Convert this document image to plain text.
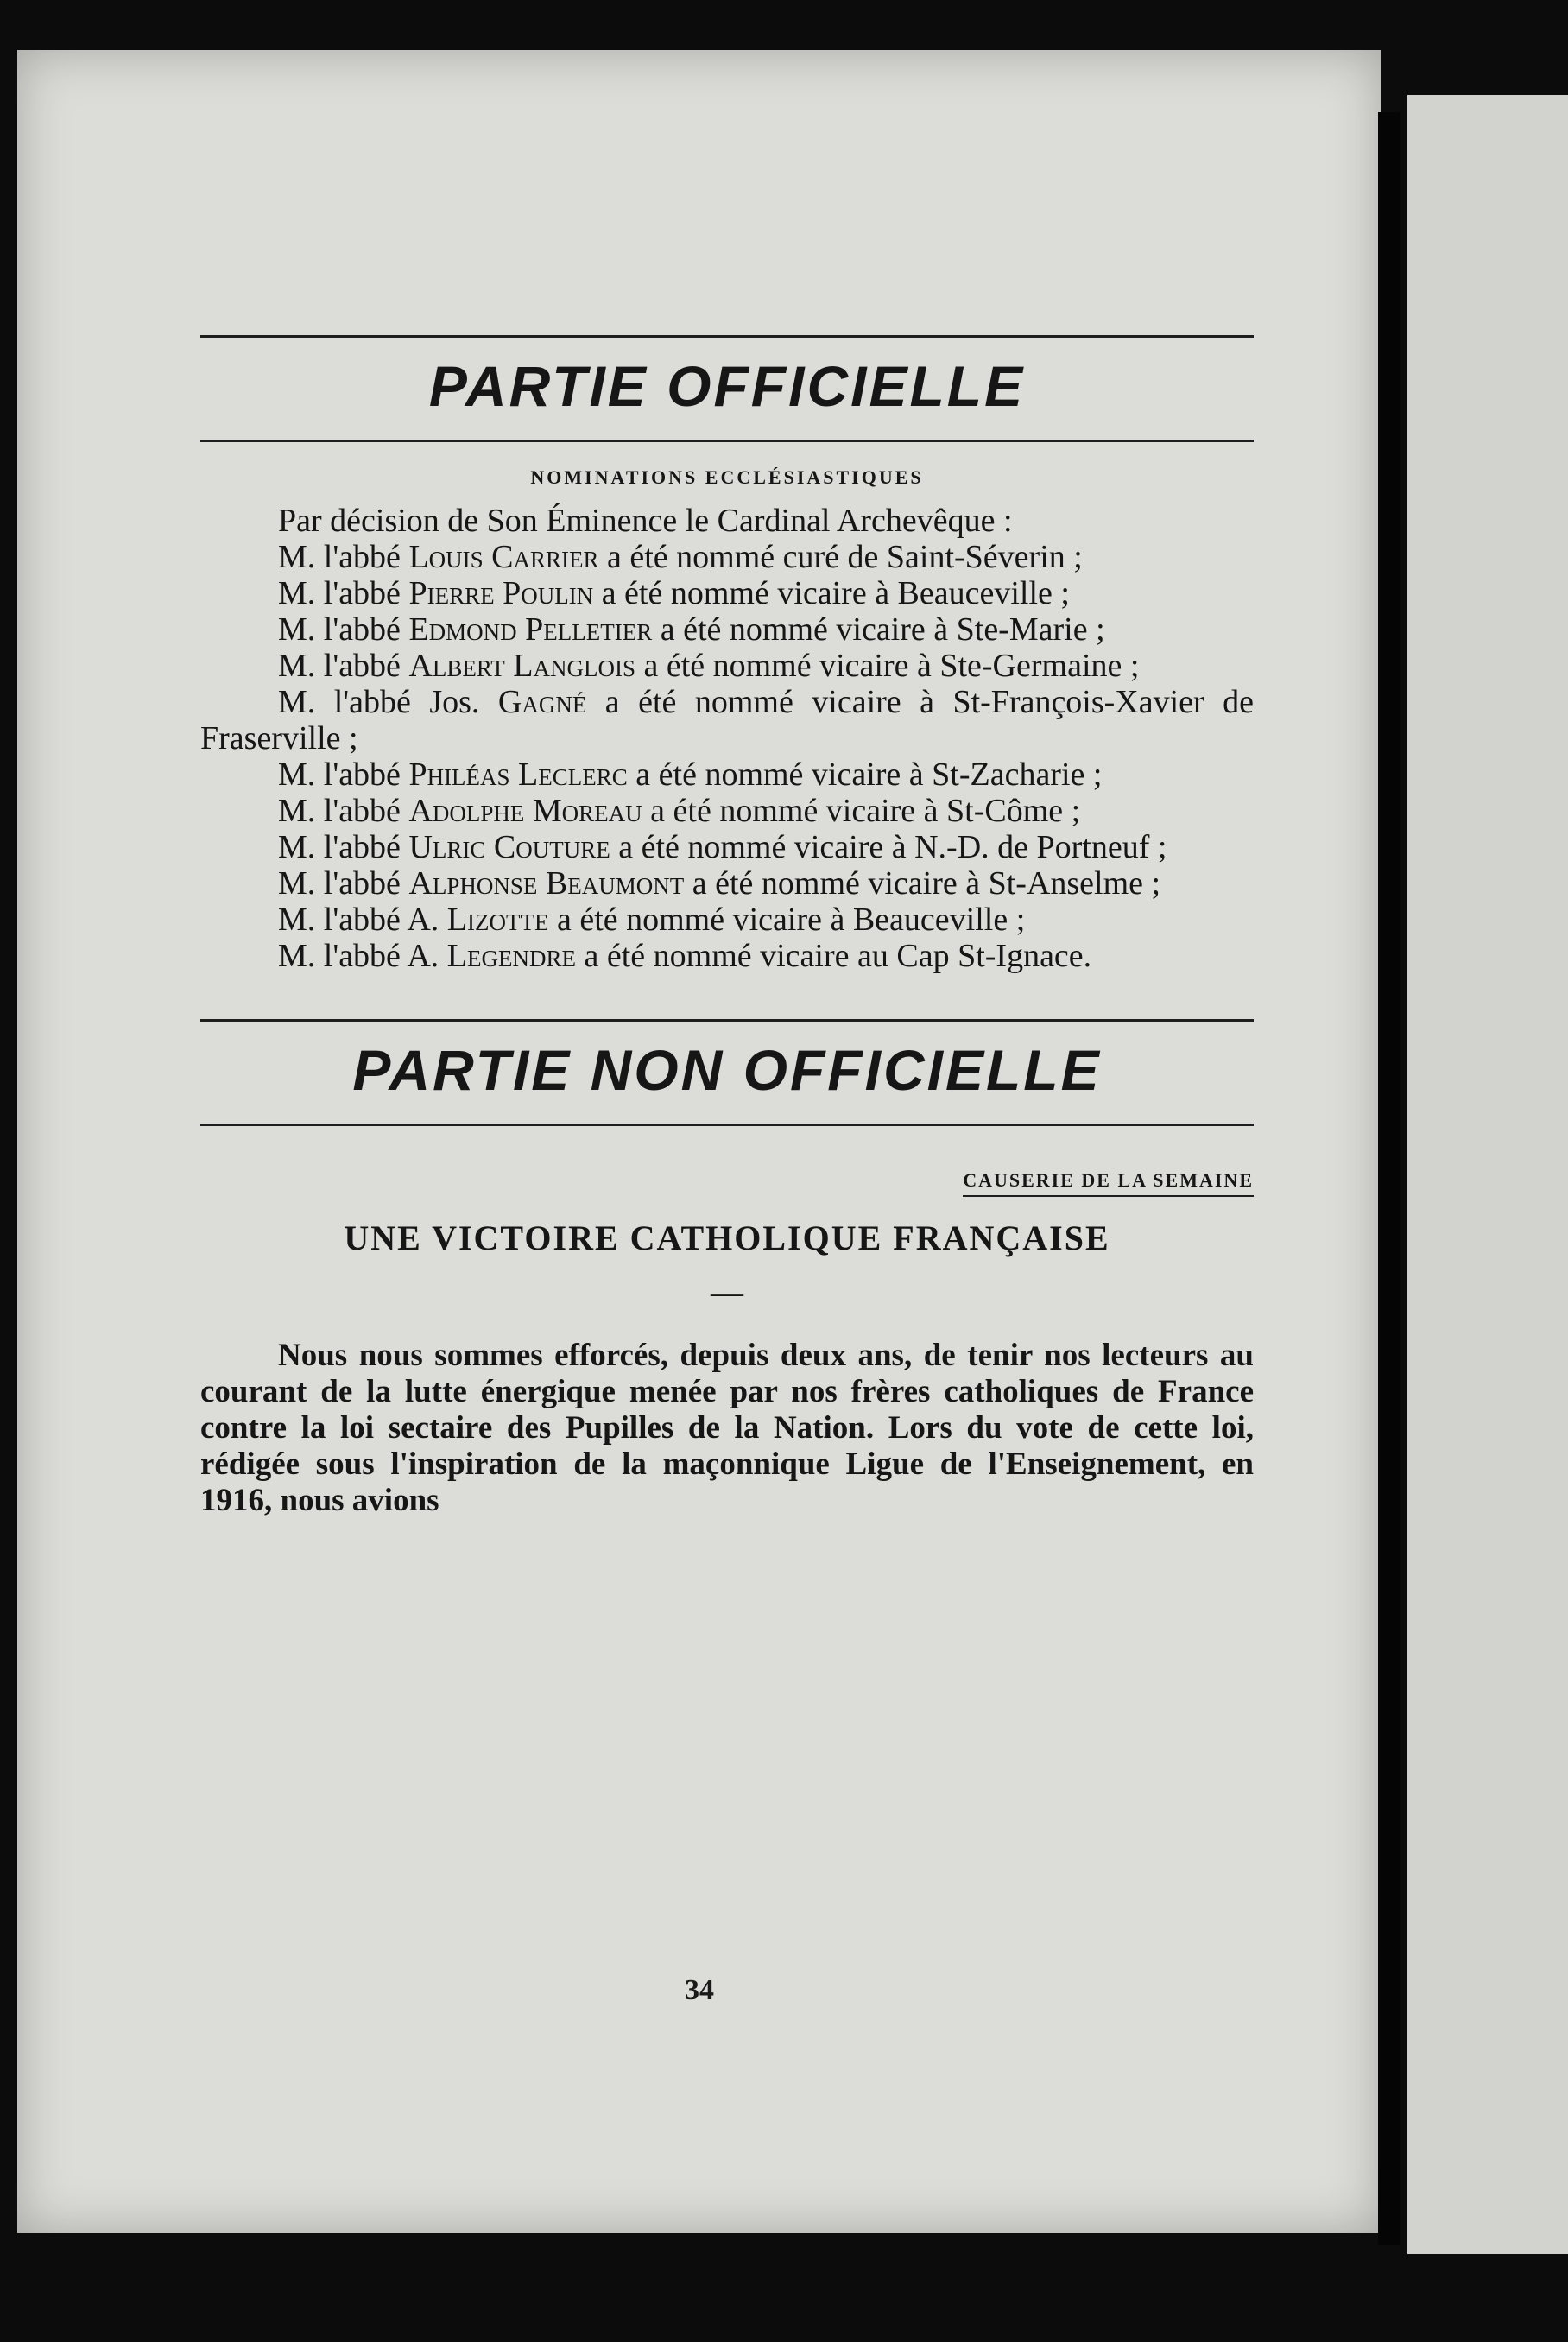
PARTIE OFFICIELLE
NOMINATIONS ECCLÉSIASTIQUES

Par décision de Son Éminence le Cardinal Archevêque :

M. l'abbé Louis Carrier a été nommé curé de Saint-Séverin ;

M. l'abbé Pierre Poulin a été nommé vicaire à Beauceville ;

M. l'abbé Edmond Pelletier a été nommé vicaire à Ste-Marie ;

M. l'abbé Albert Langlois a été nommé vicaire à Ste-Germaine ;

M. l'abbé Jos. Gagné a été nommé vicaire à St-François-Xavier de Fraserville ;

M. l'abbé Philéas Leclerc a été nommé vicaire à St-Zacharie ;

M. l'abbé Adolphe Moreau a été nommé vicaire à St-Côme ;

M. l'abbé Ulric Couture a été nommé vicaire à N.-D. de Portneuf ;

M. l'abbé Alphonse Beaumont a été nommé vicaire à St-Anselme ;

M. l'abbé A. Lizotte a été nommé vicaire à Beauceville ;

M. l'abbé A. Legendre a été nommé vicaire au Cap St-Ignace.

PARTIE NON OFFICIELLE
CAUSERIE DE LA SEMAINE
UNE VICTOIRE CATHOLIQUE FRANÇAISE
—

Nous nous sommes efforcés, depuis deux ans, de tenir nos lecteurs au courant de la lutte énergique menée par nos frères catholiques de France contre la loi sectaire des Pupilles de la Nation. Lors du vote de cette loi, rédigée sous l'inspiration de la maçonnique Ligue de l'Enseignement, en 1916, nous avions

34
